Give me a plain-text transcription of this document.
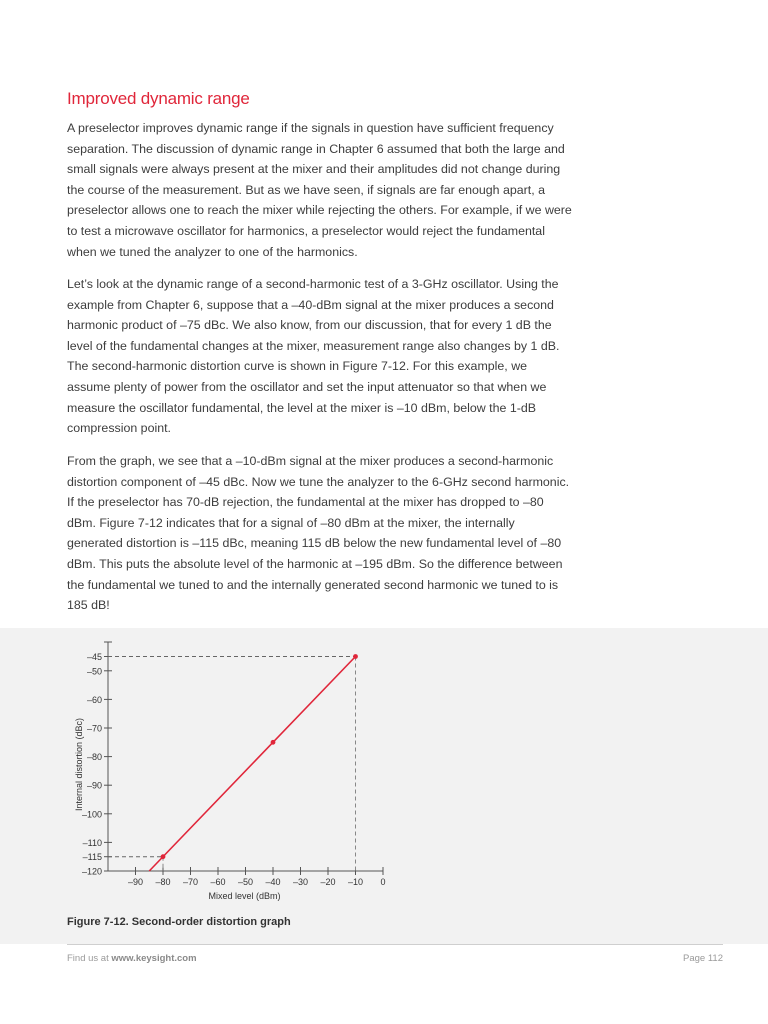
Improved dynamic range

A preselector improves dynamic range if the signals in question have sufficient frequency separation. The discussion of dynamic range in Chapter 6 assumed that both the large and small signals were always present at the mixer and their amplitudes did not change during the course of the measurement. But as we have seen, if signals are far enough apart, a preselector allows one to reach the mixer while rejecting the others. For example, if we were to test a microwave oscillator for harmonics, a preselector would reject the fundamental when we tuned the analyzer to one of the harmonics.

Let’s look at the dynamic range of a second-harmonic test of a 3-GHz oscillator. Using the example from Chapter 6, suppose that a –40-dBm signal at the mixer produces a second harmonic product of –75 dBc. We also know, from our discussion, that for every 1 dB the level of the fundamental changes at the mixer, measurement range also changes by 1 dB. The second-harmonic distortion curve is shown in Figure 7-12. For this example, we assume plenty of power from the oscillator and set the input attenuator so that when we measure the oscillator fundamental, the level at the mixer is –10 dBm, below the 1-dB compression point.

From the graph, we see that a –10-dBm signal at the mixer produces a second-harmonic distortion component of –45 dBc. Now we tune the analyzer to the 6-GHz second harmonic. If the preselector has 70-dB rejection, the fundamental at the mixer has dropped to –80 dBm. Figure 7-12 indicates that for a signal of –80 dBm at the mixer, the internally generated distortion is –115 dBc, meaning 115 dB below the new fundamental level of –80 dBm. This puts the absolute level of the harmonic at –195 dBm. So the difference between the fundamental we tuned to and the internally generated second harmonic we tuned to is 185 dB!

–45
–50
–60
–70
–80
–90
–100
–110
–115
–120
–90 –80 –70 –60 –50 –40 –30 –20 –10 0
Mixed level (dBm)
Internal distortion (dBc)

Figure 7-12. Second-order distortion graph

Find us at www.keysight.com	Page 112
